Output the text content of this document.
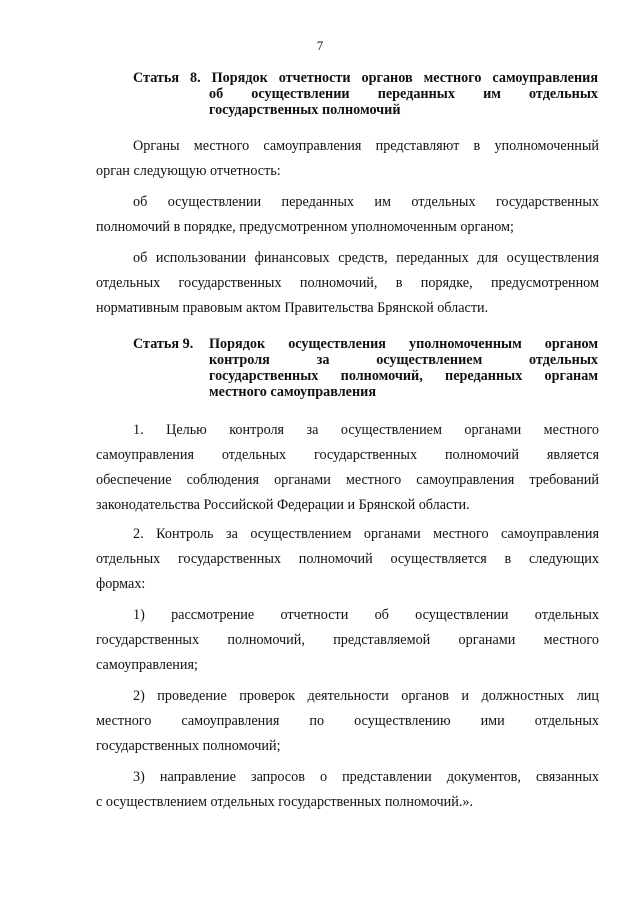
7
Статья 8. Порядок отчетности органов местного самоуправления
об осуществлении переданных им отдельных
государственных полномочий
Органы местного самоуправления представляют в уполномоченный
орган следующую отчетность:
об осуществлении переданных им отдельных государственных
полномочий в порядке, предусмотренном уполномоченным органом;
об использовании финансовых средств, переданных для осуществления
отдельных государственных полномочий, в порядке, предусмотренном
нормативным правовым актом Правительства Брянской области.
Статья 9.	Порядок осуществления уполномоченным органом
контроля за осуществлением отдельных
государственных полномочий, переданных органам
местного самоуправления
1. Целью контроля за осуществлением органами местного
самоуправления отдельных государственных полномочий является
обеспечение соблюдения органами местного самоуправления требований
законодательства Российской Федерации и Брянской области.
2. Контроль за осуществлением органами местного самоуправления
отдельных государственных полномочий осуществляется в следующих
формах:
1) рассмотрение отчетности об осуществлении отдельных
государственных полномочий, представляемой органами местного
самоуправления;
2) проведение проверок деятельности органов и должностных лиц
местного самоуправления по осуществлению ими отдельных
государственных полномочий;
3) направление запросов о представлении документов, связанных
с осуществлением отдельных государственных полномочий.».
